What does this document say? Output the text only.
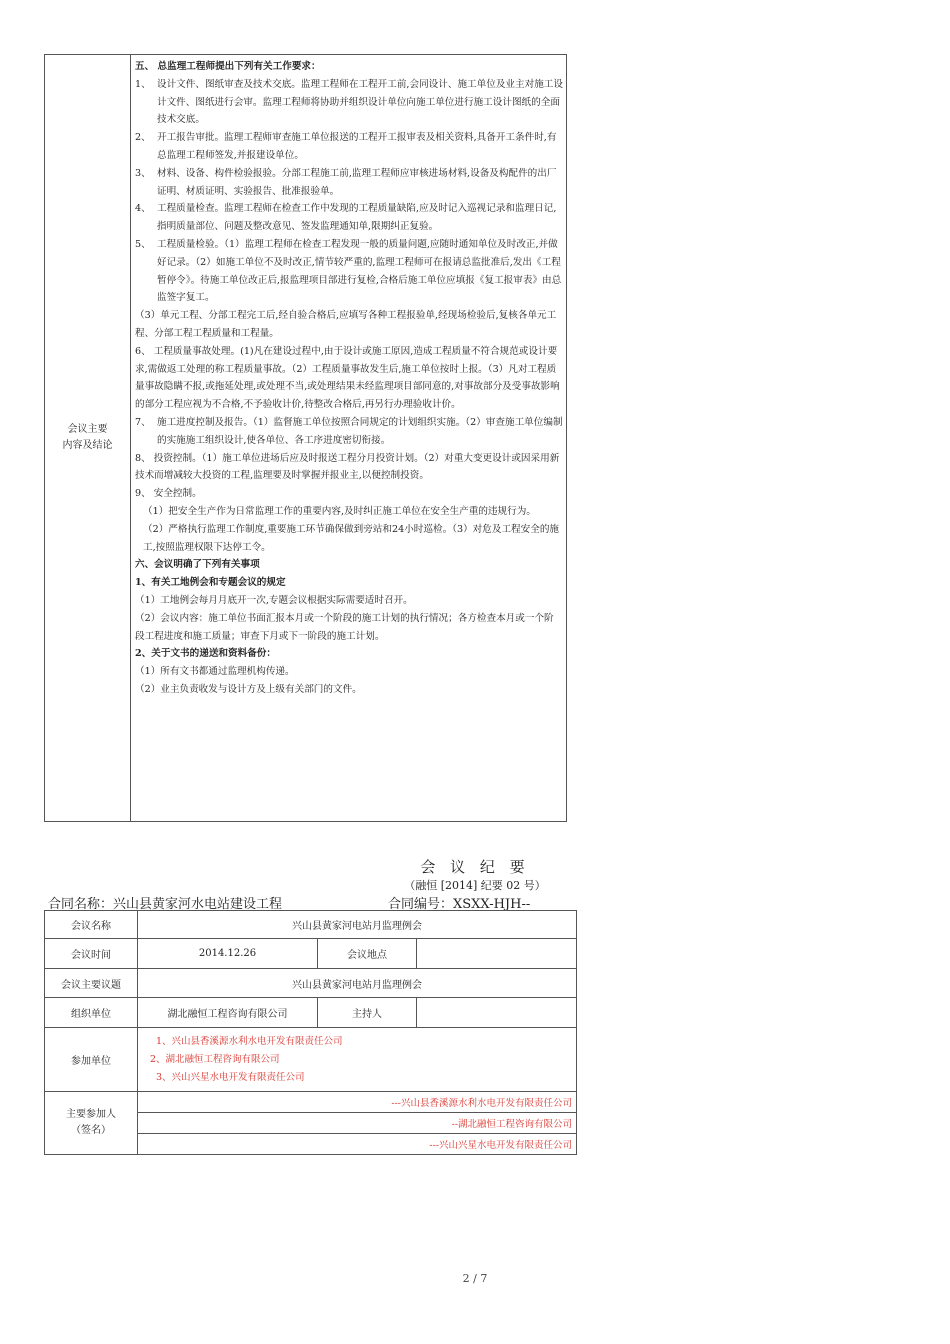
会议主要
内容及结论	
五、 总监理工程师提出下列有关工作要求：
1、 设计文件、图纸审查及技术交底。监理工程师在工程开工前,会同设计、施工单位及业主对施工设计文件、图纸进行会审。监理工程师将协助并组织设计单位向施工单位进行施工设计图纸的全面技术交底。
2、 开工报告审批。监理工程师审查施工单位报送的工程开工报审表及相关资料,具备开工条件时,有总监理工程师签发,并报建设单位。
3、 材料、设备、构件检验报验。分部工程施工前,监理工程师应审核进场材料,设备及构配件的出厂证明、材质证明、实验报告、批准报验单。
4、 工程质量检查。监理工程师在检查工作中发现的工程质量缺陷,应及时记入巡视记录和监理日记,指明质量部位、问题及整改意见、签发监理通知单,限期纠正复验。
5、 工程质量检验。（1）监理工程师在检查工程发现一般的质量问题,应随时通知单位及时改正,并做好记录。（2）如施工单位不及时改正,情节较严重的,监理工程师可在报请总监批准后,发出《工程暂停令》。待施工单位改正后,报监理项目部进行复检,合格后施工单位应填报《复工报审表》由总监签字复工。
（3）单元工程、分部工程完工后,经自验合格后,应填写各种工程报验单,经现场检验后,复核各单元工程、分部工程工程质量和工程量。
6、 工程质量事故处理。(1)凡在建设过程中,由于设计或施工原因,造成工程质量不符合规范或设计要求,需做返工处理的称工程质量事故。（2）工程质量事故发生后,施工单位按时上报。（3）凡对工程质量事故隐瞒不报,或拖延处理,或处理不当,或处理结果未经监理项目部同意的,对事故部分及受事故影响的部分工程应视为不合格,不予验收计价,待整改合格后,再另行办理验收计价。
7、 施工进度控制及报告。（1）监督施工单位按照合同规定的计划组织实施。（2）审查施工单位编制的实施施工组织设计,使各单位、各工序进度密切衔接。
8、 投资控制。（1）施工单位进场后应及时报送工程分月投资计划。（2）对重大变更设计或因采用新技术而增减较大投资的工程,监理要及时掌握并报业主,以便控制投资。
9、 安全控制。
（1）把安全生产作为日常监理工作的重要内容,及时纠正施工单位在安全生产重的违规行为。
（2）严格执行监理工作制度,重要施工环节确保做到旁站和24小时巡检。（3）对危及工程安全的施工,按照监理权限下达停工令。
六、会议明确了下列有关事项
1、有关工地例会和专题会议的规定
（1）工地例会每月月底开一次,专题会议根据实际需要适时召开。
（2）会议内容：施工单位书面汇报本月或一个阶段的施工计划的执行情况；各方检查本月或一个阶段工程进度和施工质量；审查下月或下一阶段的施工计划。
2、关于文书的递送和资料备份：
（1）所有文书都通过监理机构传递。
（2）业主负责收发与设计方及上级有关部门的文件。
会 议 纪 要
（融恒 [2014] 纪要 02 号）
合同名称：兴山县黄家河水电站建设工程	合同编号：XSXX-HJH--
会议名称	兴山县黄家河电站月监理例会		
会议时间	2014.12.26	会议地点	
会议主要议题	兴山县黄家河电站月监理例会		
组织单位	湖北融恒工程咨询有限公司	主持人	
参加单位	1、兴山县香溪源水利水电开发有限责任公司
2、湖北融恒工程咨询有限公司
3、兴山兴星水电开发有限责任公司		

主要参加人
（签名）	---兴山县香溪源水利水电开发有限责任公司		
	--湖北融恒工程咨询有限公司		
	---兴山兴星水电开发有限责任公司		
2 / 7
